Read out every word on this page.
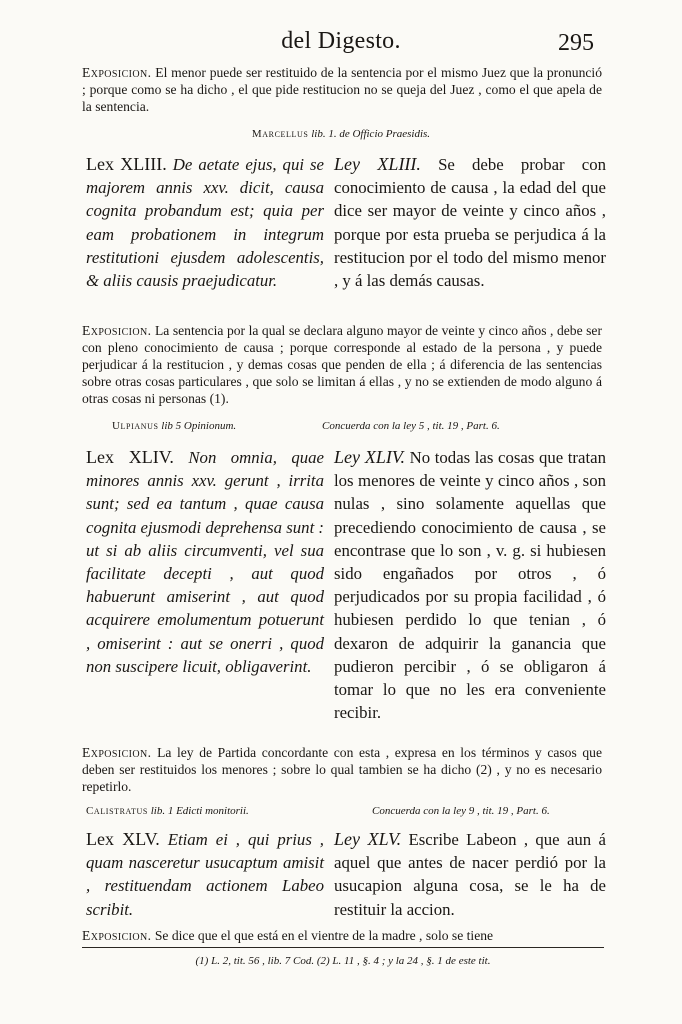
del Digesto.	295
Exposicion. El menor puede ser restituido de la sentencia por el mismo Juez que la pronunció ; porque como se ha dicho , el que pide restitucion no se queja del Juez , como el que apela de la sentencia.
Marcellus lib. 1. de Officio Praesidis.
Lex XLIII. De aetate ejus, qui se majorem annis xxv. dicit, causa cognita probandum est; quia per eam probationem in integrum restitutioni ejusdem adolescentis, & aliis causis praejudicatur.
Ley XLIII. Se debe probar con conocimiento de causa , la edad del que dice ser mayor de veinte y cinco años , porque por esta prueba se perjudica á la restitucion por el todo del mismo menor , y á las demás causas.
Exposicion. La sentencia por la qual se declara alguno mayor de veinte y cinco años , debe ser con pleno conocimiento de causa ; porque corresponde al estado de la persona , y puede perjudicar á la restitucion , y demas cosas que penden de ella ; á diferencia de las sentencias sobre otras cosas particulares , que solo se limitan á ellas , y no se extienden de modo alguno á otras cosas ni personas (1).
Ulpianus lib 5 Opinionum.	Concuerda con la ley 5 , tit. 19 , Part. 6.
Lex XLIV. Non omnia, quae minores annis xxv. gerunt , irrita sunt; sed ea tantum , quae causa cognita ejusmodi deprehensa sunt : ut si ab aliis circumventi, vel sua facilitate decepti , aut quod habuerunt amiserint , aut quod acquirere emolumentum potuerunt , omiserint : aut se onerri , quod non suscipere licuit, obligaverint.
Ley XLIV. No todas las cosas que tratan los menores de veinte y cinco años , son nulas , sino solamente aquellas que precediendo conocimiento de causa , se encontrase que lo son , v. g. si hubiesen sido engañados por otros , ó perjudicados por su propia facilidad , ó hubiesen perdido lo que tenian , ó dexaron de adquirir la ganancia que pudieron percibir , ó se obligaron á tomar lo que no les era conveniente recibir.
Exposicion. La ley de Partida concordante con esta , expresa en los términos y casos que deben ser restituidos los menores ; sobre lo qual tambien se ha dicho (2) , y no es necesario repetirlo.
Calistratus lib. 1 Edicti monitorii.	Concuerda con la ley 9 , tit. 19 , Part. 6.
Lex XLV. Etiam ei , qui prius , quam nasceretur usucaptum amisit , restituendam actionem Labeo scribit.
Ley XLV. Escribe Labeon , que aun á aquel que antes de nacer perdió por la usucapion alguna cosa, se le ha de restituir la accion.
Exposicion. Se dice que el que está en el vientre de la madre , solo se tiene
(1) L. 2, tit. 56 , lib. 7 Cod. (2) L. 11 , §. 4 ; y la 24 , §. 1 de este tit.
